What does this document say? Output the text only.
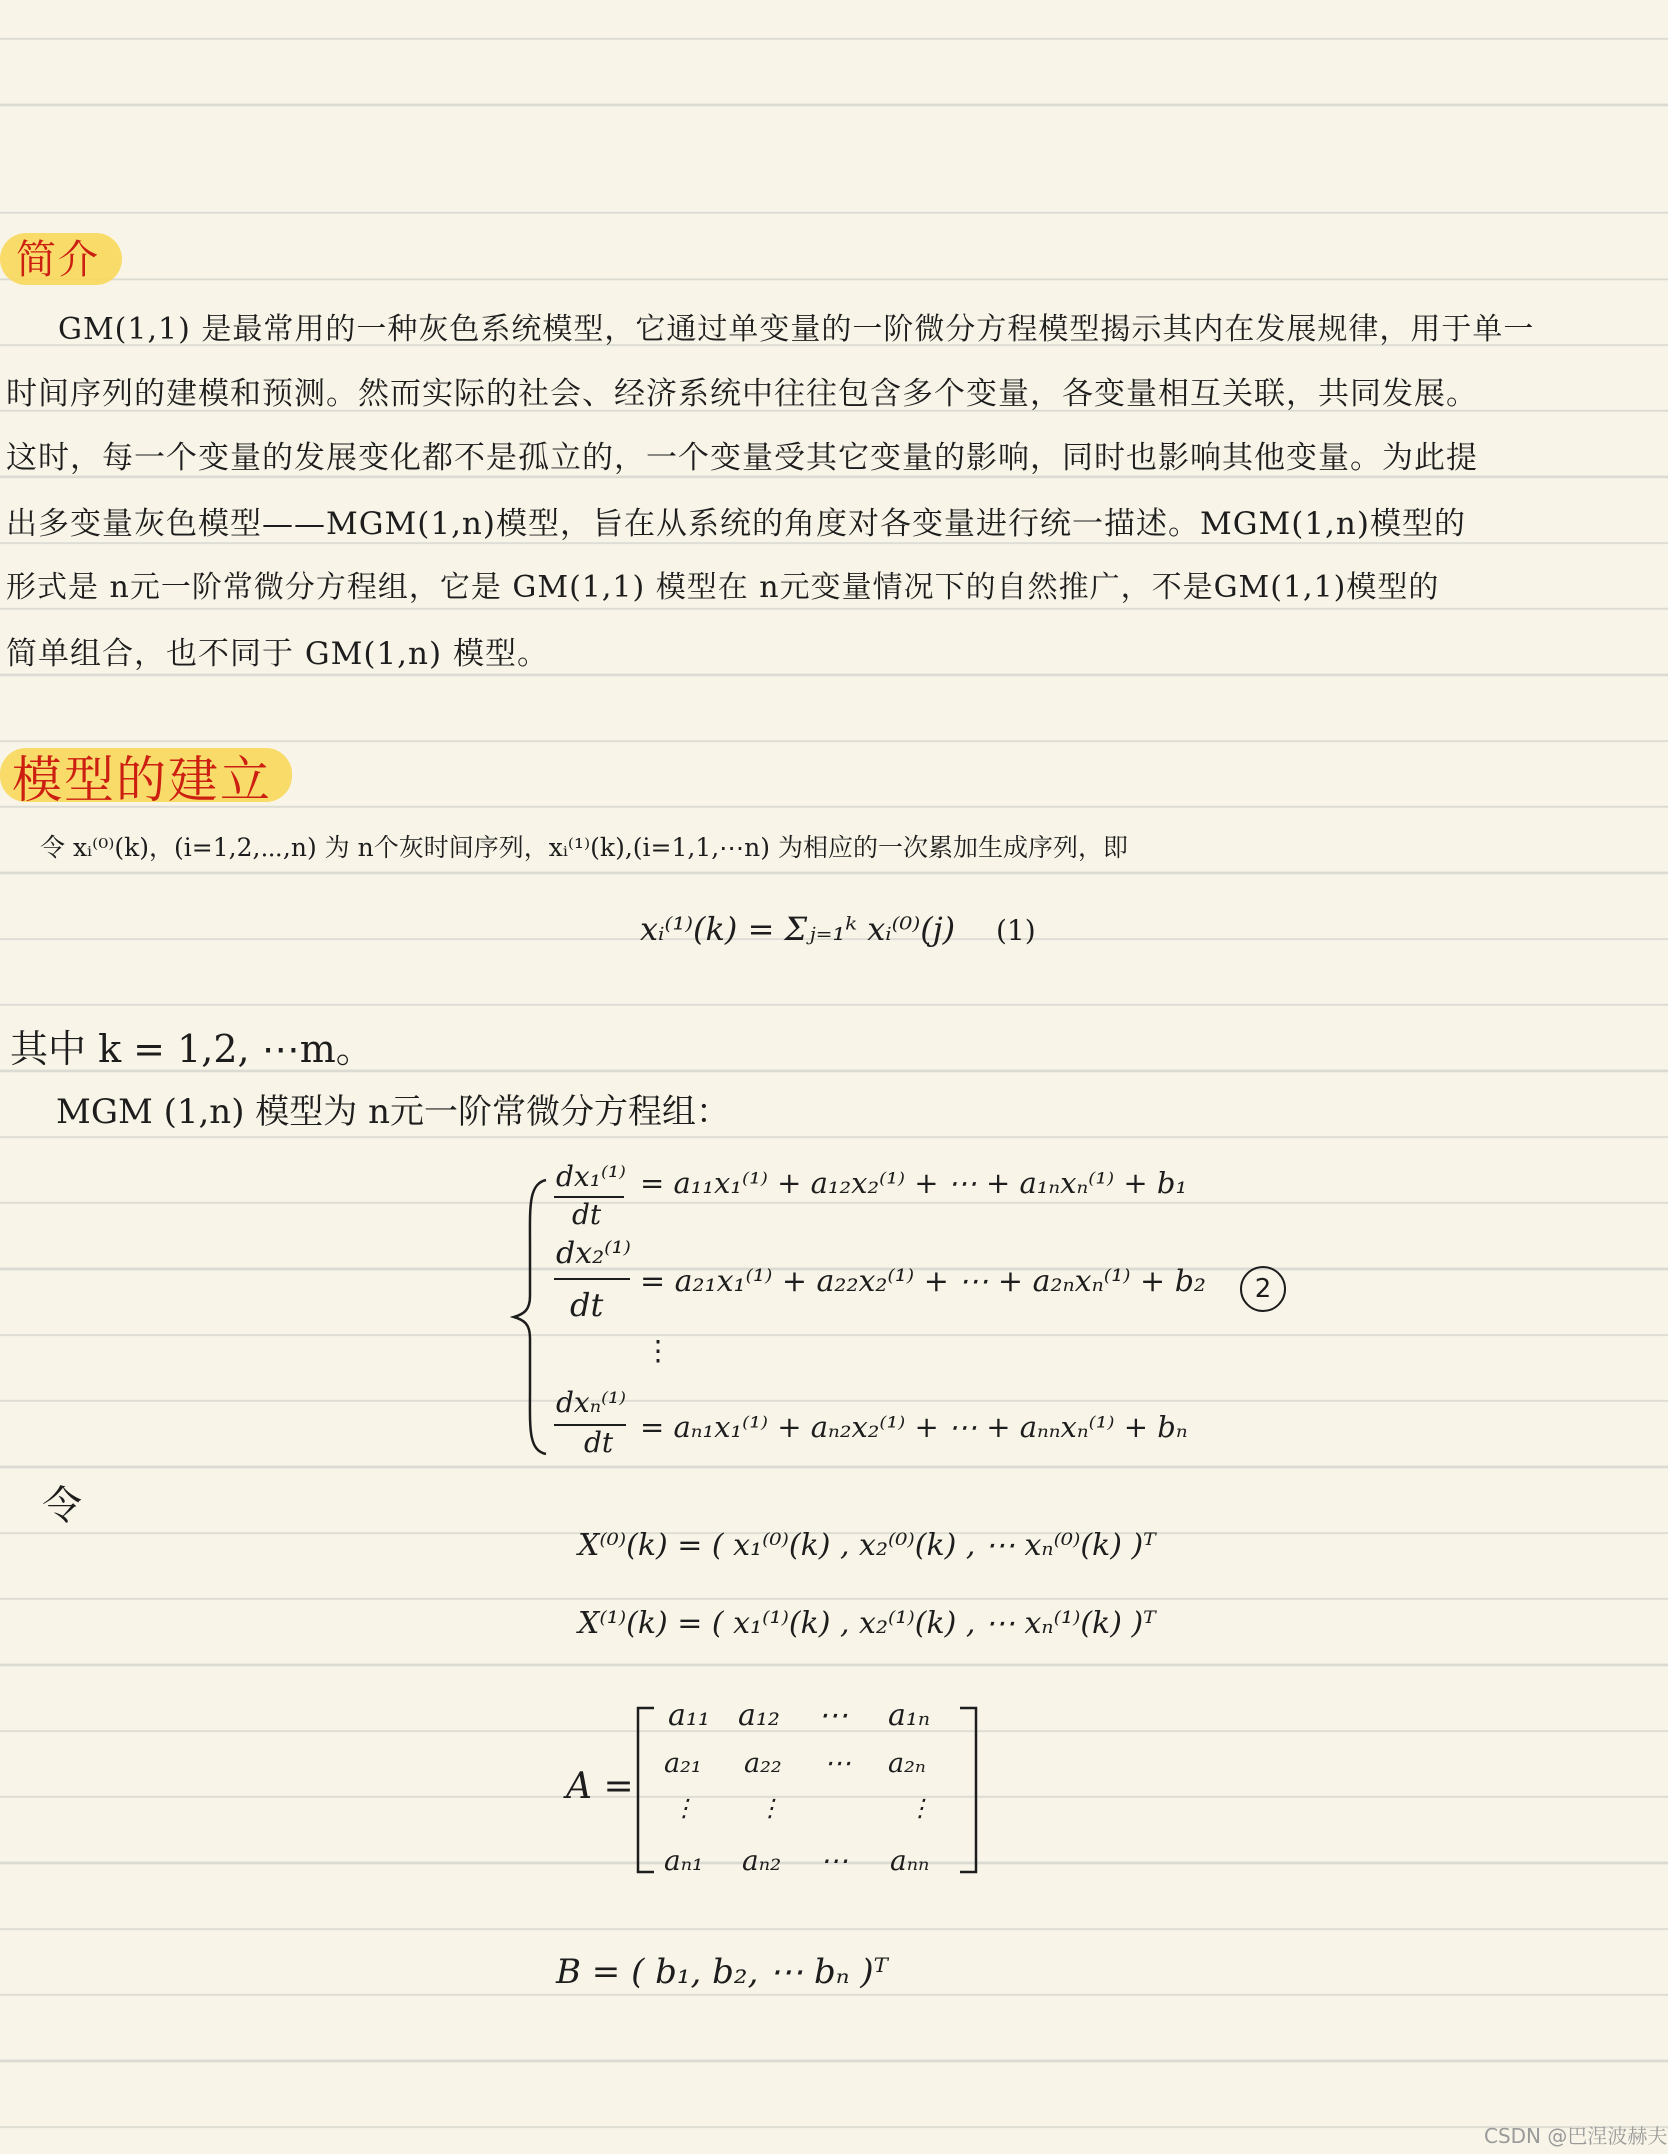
简介
GM(1,1) 是最常用的一种灰色系统模型，它通过单变量的一阶微分方程模型揭示其内在发展规律，用于单一
时间序列的建模和预测。然而实际的社会、经济系统中往往包含多个变量，各变量相互关联，共同发展。
这时，每一个变量的发展变化都不是孤立的，一个变量受其它变量的影响，同时也影响其他变量。为此提
出多变量灰色模型——MGM(1,n)模型，旨在从系统的角度对各变量进行统一描述。MGM(1,n)模型的
形式是 n元一阶常微分方程组，它是 GM(1,1) 模型在 n元变量情况下的自然推广，不是GM(1,1)模型的
简单组合，也不同于 GM(1,n) 模型。
模型的建立
令 xᵢ⁽⁰⁾(k)，(i=1,2,⋯,n) 为 n个灰时间序列，xᵢ⁽¹⁾(k),(i=1,1,⋯n) 为相应的一次累加生成序列，即
xᵢ⁽¹⁾(k) = Σⱼ₌₁ᵏ xᵢ⁽⁰⁾(j) (1)
其中 k = 1,2, ⋯m。
MGM (1,n) 模型为 n元一阶常微分方程组：
dx₁⁽¹⁾
dt
= a₁₁x₁⁽¹⁾ + a₁₂x₂⁽¹⁾ + ⋯ + a₁ₙxₙ⁽¹⁾ + b₁
dx₂⁽¹⁾
dt
= a₂₁x₁⁽¹⁾ + a₂₂x₂⁽¹⁾ + ⋯ + a₂ₙxₙ⁽¹⁾ + b₂	2
⋮
dxₙ⁽¹⁾
dt = aₙ₁x₁⁽¹⁾ + aₙ₂x₂⁽¹⁾ + ⋯ + aₙₙxₙ⁽¹⁾ + bₙ
令
X⁽⁰⁾(k) = ( x₁⁽⁰⁾(k) , x₂⁽⁰⁾(k) , ⋯ xₙ⁽⁰⁾(k) )ᵀ
X⁽¹⁾(k) = ( x₁⁽¹⁾(k) , x₂⁽¹⁾(k) , ⋯ xₙ⁽¹⁾(k) )ᵀ
A =
a₁₁ a₁₂ ⋯ a₁ₙ
a₂₁ a₂₂ ⋯ a₂ₙ
⋮	⋮	⋮
aₙ₁ aₙ₂ ⋯ aₙₙ
B = ( b₁, b₂, ⋯ bₙ )ᵀ
CSDN @巴涅波赫夫
